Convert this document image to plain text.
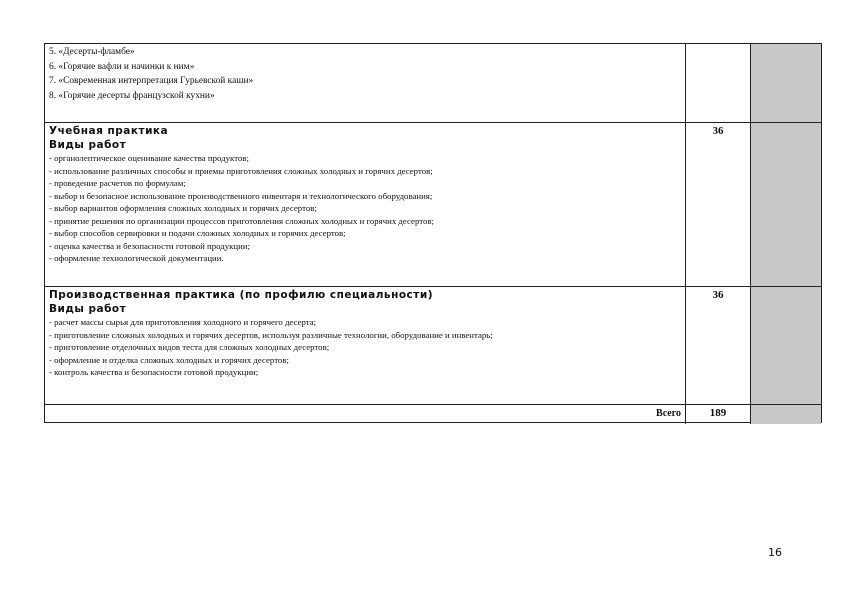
5. «Десерты-фламбе»
6. «Горячие вафли и начинки к ним»
7. «Современная интерпретация Гурьевской каши»
8. «Горячие десерты французской кухни»
Учебная практика
Виды работ
- органолептическое оценивание качества продуктов;
- использование различных способы и приемы приготовления сложных холодных и горячих десертов;
- проведение расчетов по формулам;
- выбор и безопасное использование производственного инвентаря и технологического оборудования;
- выбор вариантов оформления сложных холодных и горячих десертов;
- принятие решения по организации процессов приготовления сложных холодных и горячих десертов;
- выбор способов сервировки и подачи сложных холодных и горячих десертов;
- оценка качества и безопасности готовой продукции;
- оформление технологической документации.
36
Производственная практика (по профилю специальности)
Виды работ
- расчет массы сырья для приготовления холодного и горячего десерта;
- приготовление сложных холодных и горячих десертов, используя различные технологии, оборудование и инвентарь;
- приготовление отделочных видов теста для сложных холодных десертов;
- оформление и отделка сложных холодных и горячих десертов;
- контроль качества и безопасности готовой продукции;
36
Всего	189
16
